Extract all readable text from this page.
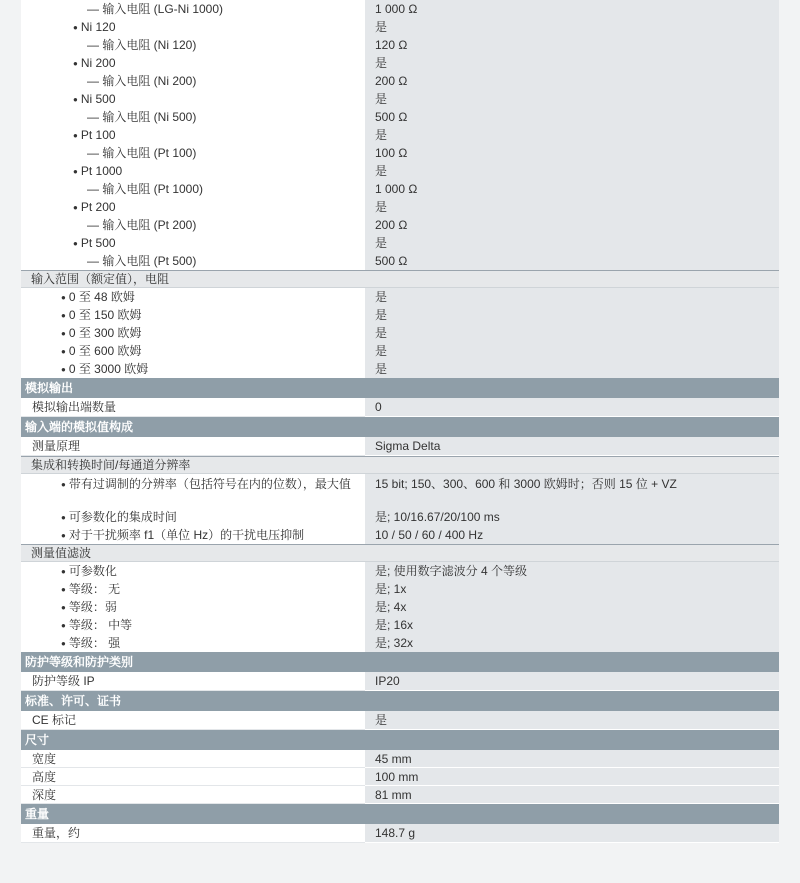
— 输入电阻 (LG-Ni 1000)	1 000 Ω
● Ni 120	是
— 输入电阻 (Ni 120)	120 Ω
● Ni 200	是
— 输入电阻 (Ni 200)	200 Ω
● Ni 500	是
— 输入电阻 (Ni 500)	500 Ω
● Pt 100	是
— 输入电阻 (Pt 100)	100 Ω
● Pt 1000	是
— 输入电阻 (Pt 1000)	1 000 Ω
● Pt 200	是
— 输入电阻 (Pt 200)	200 Ω
● Pt 500	是
— 输入电阻 (Pt 500)	500 Ω
输入范围（额定值），电阻
● 0 至 48 欧姆	是
● 0 至 150 欧姆	是
● 0 至 300 欧姆	是
● 0 至 600 欧姆	是
● 0 至 3000 欧姆	是
模拟输出
模拟输出端数量	0
输入端的模拟值构成
测量原理	Sigma Delta
集成和转换时间/每通道分辨率
● 带有过调制的分辨率（包括符号在内的位数），最大值	15 bit; 150、300、600 和 3000 欧姆时；否则 15 位 + VZ
● 可参数化的集成时间	是; 10/16.67/20/100 ms
● 对于干扰频率 f1（单位 Hz）的干扰电压抑制	10 / 50 / 60 / 400 Hz
测量值滤波
● 可参数化	是; 使用数字滤波分 4 个等级
● 等级： 无	是; 1x
● 等级：弱	是; 4x
● 等级： 中等	是; 16x
● 等级： 强	是; 32x
防护等级和防护类别
防护等级 IP	IP20
标准、许可、证书
CE 标记	是
尺寸
宽度	45 mm
高度	100 mm
深度	81 mm
重量
重量，约	148.7 g
